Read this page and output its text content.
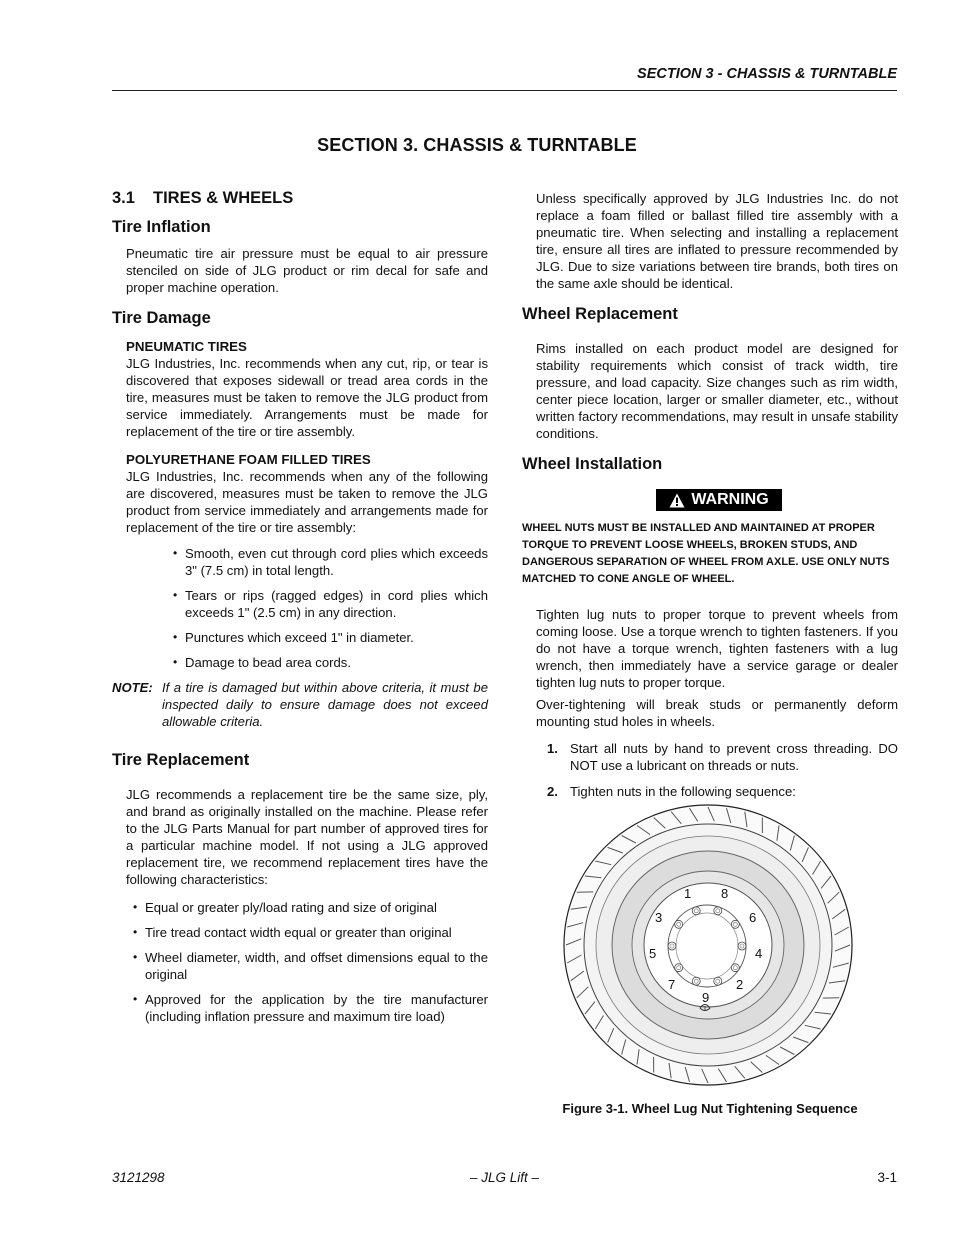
SECTION 3 - CHASSIS & TURNTABLE
SECTION 3. CHASSIS & TURNTABLE
3.1 TIRES & WHEELS
Tire Inflation
Pneumatic tire air pressure must be equal to air pressure stenciled on side of JLG product or rim decal for safe and proper machine operation.
Tire Damage
PNEUMATIC TIRES
JLG Industries, Inc. recommends when any cut, rip, or tear is discovered that exposes sidewall or tread area cords in the tire, measures must be taken to remove the JLG product from service immediately. Arrangements must be made for replacement of the tire or tire assembly.
POLYURETHANE FOAM FILLED TIRES
JLG Industries, Inc. recommends when any of the following are discovered, measures must be taken to remove the JLG product from service immediately and arrangements made for replacement of the tire or tire assembly:
• Smooth, even cut through cord plies which exceeds 3" (7.5 cm) in total length.
• Tears or rips (ragged edges) in cord plies which exceeds 1" (2.5 cm) in any direction.
• Punctures which exceed 1" in diameter.
• Damage to bead area cords.
NOTE: If a tire is damaged but within above criteria, it must be inspected daily to ensure damage does not exceed allowable criteria.
Tire Replacement
JLG recommends a replacement tire be the same size, ply, and brand as originally installed on the machine. Please refer to the JLG Parts Manual for part number of approved tires for a particular machine model. If not using a JLG approved replacement tire, we recommend replacement tires have the following characteristics:
• Equal or greater ply/load rating and size of original
• Tire tread contact width equal or greater than original
• Wheel diameter, width, and offset dimensions equal to the original
• Approved for the application by the tire manufacturer (including inflation pressure and maximum tire load)
Unless specifically approved by JLG Industries Inc. do not replace a foam filled or ballast filled tire assembly with a pneumatic tire. When selecting and installing a replacement tire, ensure all tires are inflated to pressure recommended by JLG. Due to size variations between tire brands, both tires on the same axle should be identical.
Wheel Replacement
Rims installed on each product model are designed for stability requirements which consist of track width, tire pressure, and load capacity. Size changes such as rim width, center piece location, larger or smaller diameter, etc., without written factory recommendations, may result in unsafe stability conditions.
Wheel Installation
WARNING
WHEEL NUTS MUST BE INSTALLED AND MAINTAINED AT PROPER TORQUE TO PREVENT LOOSE WHEELS, BROKEN STUDS, AND DANGEROUS SEPARATION OF WHEEL FROM AXLE. USE ONLY NUTS MATCHED TO CONE ANGLE OF WHEEL.
Tighten lug nuts to proper torque to prevent wheels from coming loose. Use a torque wrench to tighten fasteners. If you do not have a torque wrench, tighten fasteners with a lug wrench, then immediately have a service garage or dealer tighten lug nuts to proper torque.
Over-tightening will break studs or permanently deform mounting stud holes in wheels.
1. Start all nuts by hand to prevent cross threading. DO NOT use a lubricant on threads or nuts.
2. Tighten nuts in the following sequence:
1 8
3	6
5	4
7	2
9
Figure 3-1. Wheel Lug Nut Tightening Sequence
3121298	– JLG Lift –	3-1
